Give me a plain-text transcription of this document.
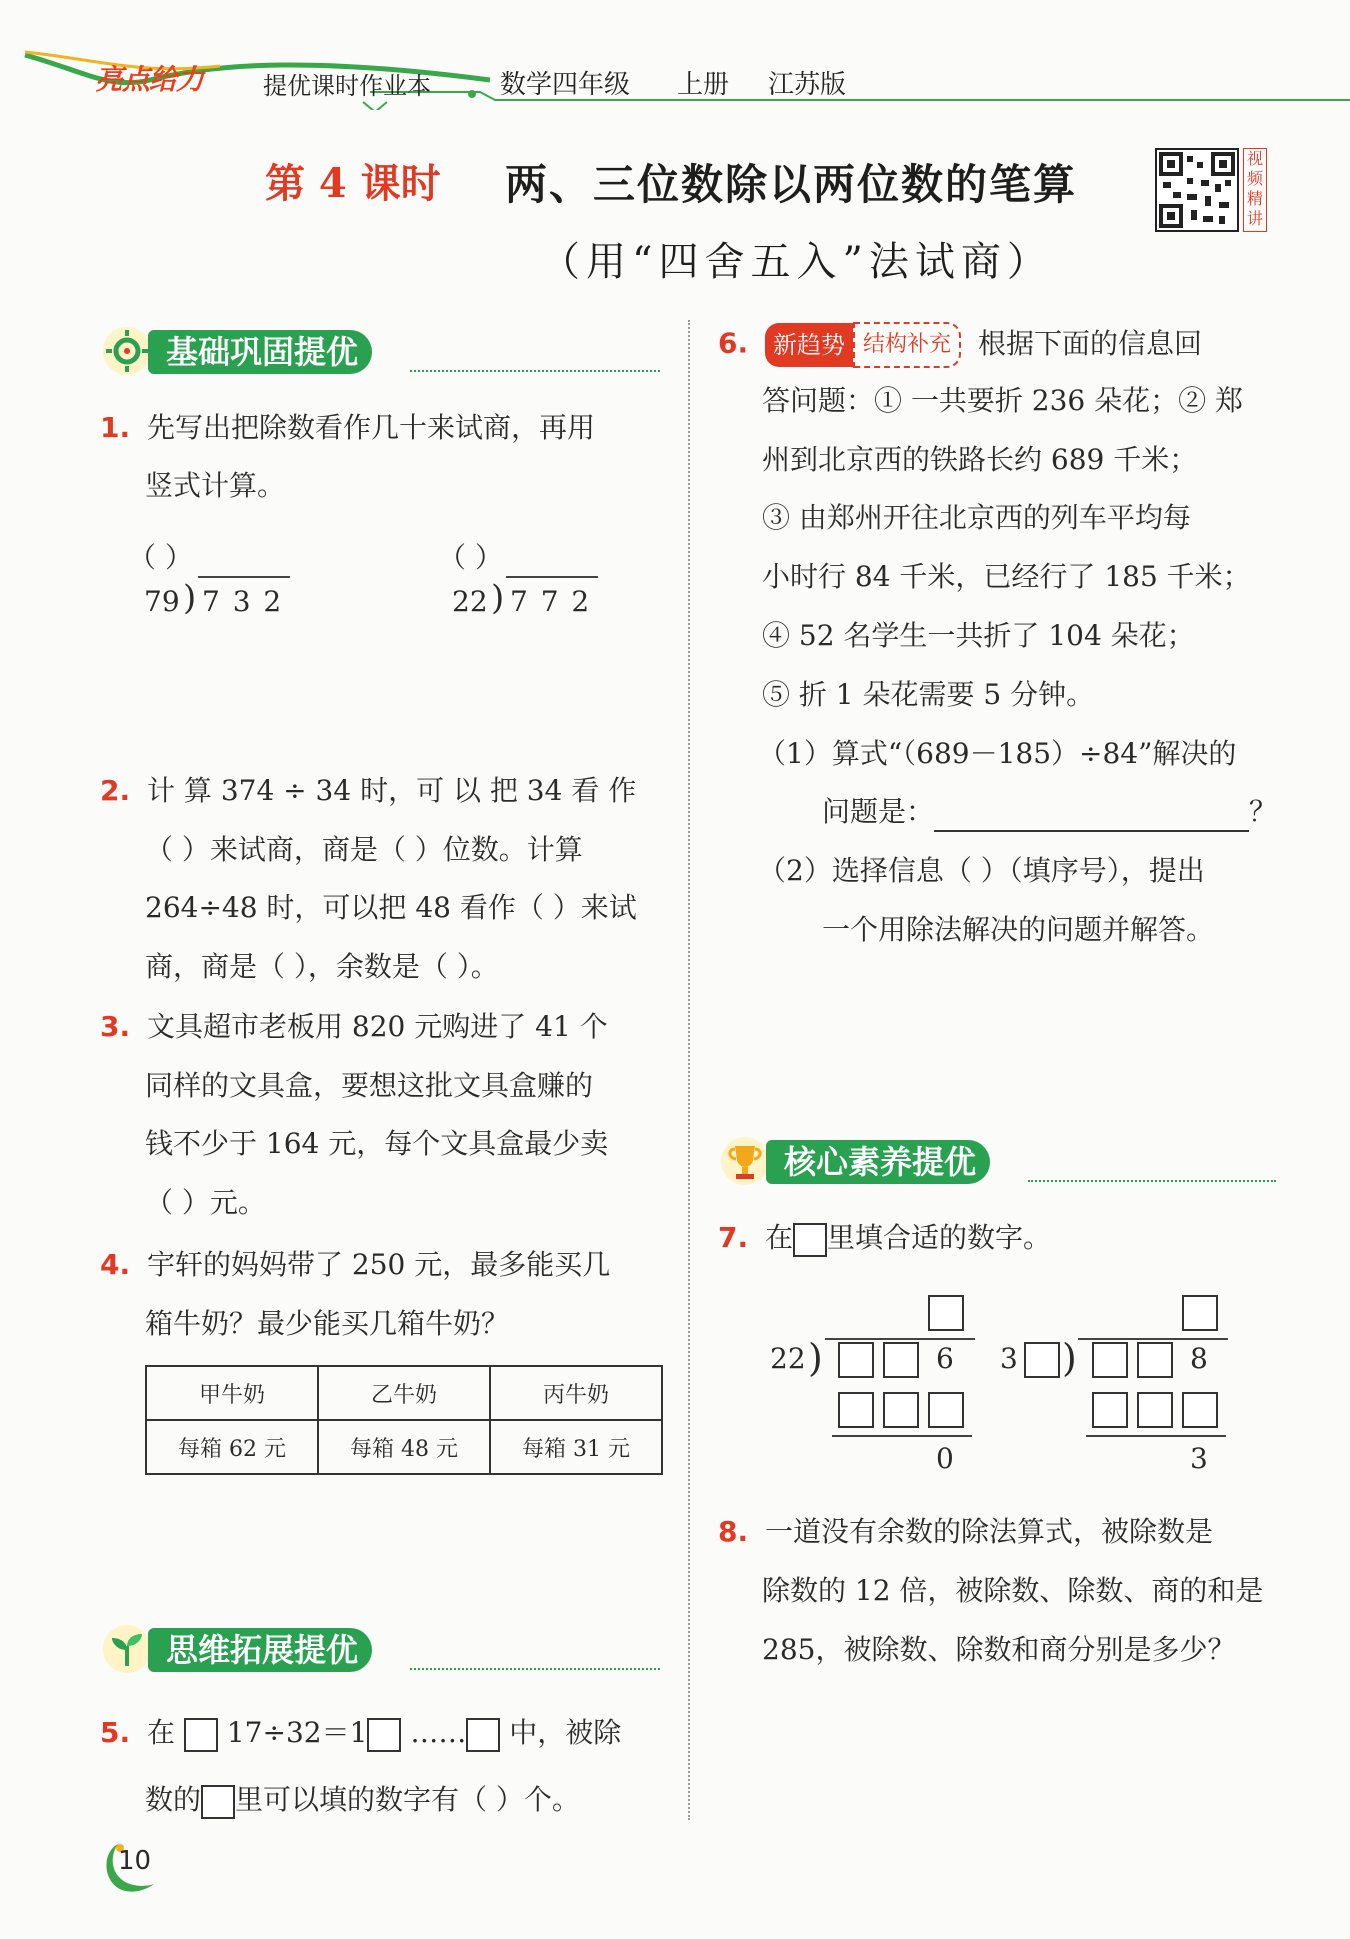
亮点给力 提优课时作业本	数学四年级 上册 江苏版
第 4 课时 两、三位数除以两位数的笔算
（用“四舍五入”法试商）
视频精讲
基础巩固提优
1. 先写出把除数看作几十来试商，再用
竖式计算。
（ ）
79 ) 7 3 2
（ ）
22 ) 7 7 2
2. 计 算 374 ÷ 34 时，可 以 把 34 看 作
（ ）来试商，商是（ ）位数。计算
264÷48 时，可以把 48 看作（ ）来试
商，商是（ ），余数是（ ）。
3. 文具超市老板用 820 元购进了 41 个
同样的文具盒，要想这批文具盒赚的
钱不少于 164 元，每个文具盒最少卖
（ ）元。
4. 宇轩的妈妈带了 250 元，最多能买几
箱牛奶？最少能买几箱牛奶？
甲牛奶	乙牛奶	丙牛奶
每箱 62 元	每箱 48 元	每箱 31 元
思维拓展提优
5. 在 17÷32＝1 …… 中，被除
数的 里可以填的数字有（ ）个。
6. 新趋势 结构补充 根据下面的信息回
答问题：① 一共要折 236 朵花；② 郑
州到北京西的铁路长约 689 千米；
③ 由郑州开往北京西的列车平均每
小时行 84 千米，已经行了 185 千米；
④ 52 名学生一共折了 104 朵花；
⑤ 折 1 朵花需要 5 分钟。
（1）算式“（689－185）÷84”解决的
问题是：	？
（2）选择信息（ ）（填序号），提出
一个用除法解决的问题并解答。
核心素养提优
7. 在 里填合适的数字。
22 )	6
0
3 )	8
3
8. 一道没有余数的除法算式，被除数是
除数的 12 倍，被除数、除数、商的和是
285，被除数、除数和商分别是多少？
10
